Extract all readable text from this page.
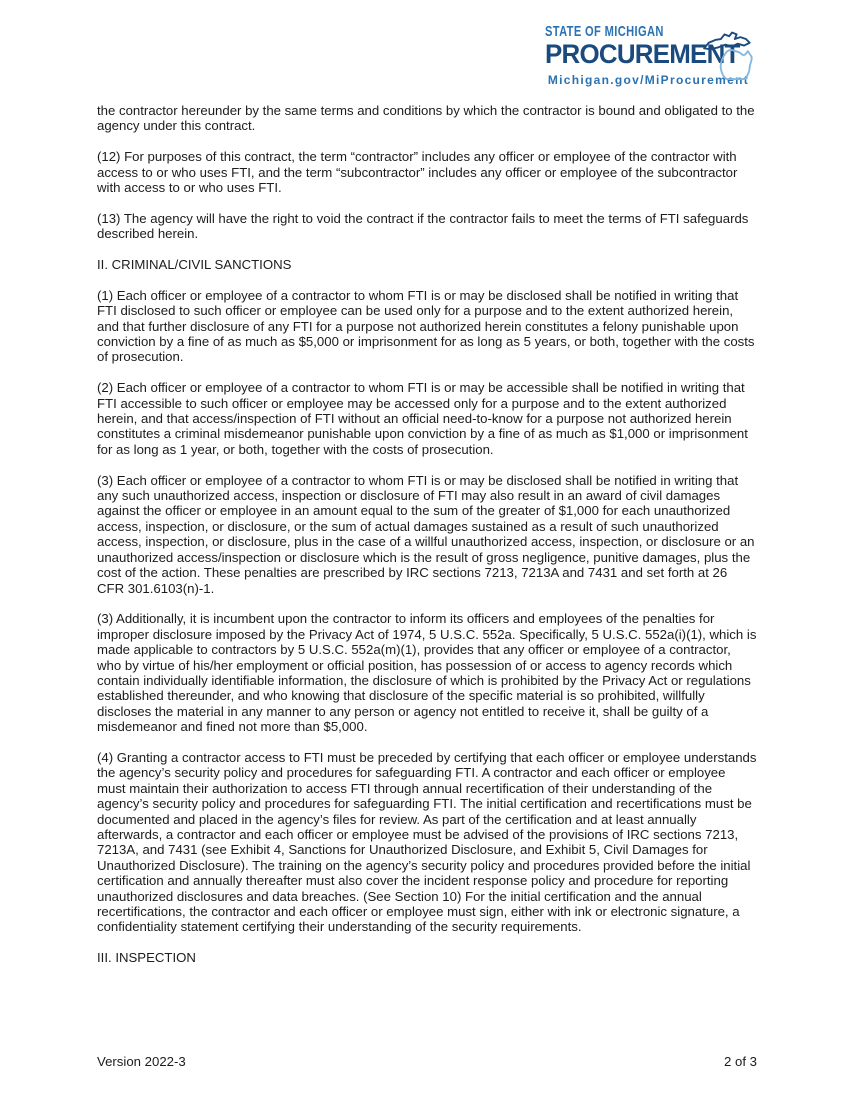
STATE OF MICHIGAN
PROCUREMENT
Michigan.gov/MiProcurement

the contractor hereunder by the same terms and conditions by which the contractor is bound and obligated to the agency under this contract.

(12) For purposes of this contract, the term “contractor” includes any officer or employee of the contractor with access to or who uses FTI, and the term “subcontractor” includes any officer or employee of the subcontractor with access to or who uses FTI.

(13) The agency will have the right to void the contract if the contractor fails to meet the terms of FTI safeguards described herein.

II. CRIMINAL/CIVIL SANCTIONS

(1) Each officer or employee of a contractor to whom FTI is or may be disclosed shall be notified in writing that FTI disclosed to such officer or employee can be used only for a purpose and to the extent authorized herein, and that further disclosure of any FTI for a purpose not authorized herein constitutes a felony punishable upon conviction by a fine of as much as $5,000 or imprisonment for as long as 5 years, or both, together with the costs of prosecution.

(2) Each officer or employee of a contractor to whom FTI is or may be accessible shall be notified in writing that FTI accessible to such officer or employee may be accessed only for a purpose and to the extent authorized herein, and that access/inspection of FTI without an official need-to-know for a purpose not authorized herein constitutes a criminal misdemeanor punishable upon conviction by a fine of as much as $1,000 or imprisonment for as long as 1 year, or both, together with the costs of prosecution.

(3) Each officer or employee of a contractor to whom FTI is or may be disclosed shall be notified in writing that any such unauthorized access, inspection or disclosure of FTI may also result in an award of civil damages against the officer or employee in an amount equal to the sum of the greater of $1,000 for each unauthorized access, inspection, or disclosure, or the sum of actual damages sustained as a result of such unauthorized access, inspection, or disclosure, plus in the case of a willful unauthorized access, inspection, or disclosure or an unauthorized access/inspection or disclosure which is the result of gross negligence, punitive damages, plus the cost of the action. These penalties are prescribed by IRC sections 7213, 7213A and 7431 and set forth at 26 CFR 301.6103(n)-1.

(3) Additionally, it is incumbent upon the contractor to inform its officers and employees of the penalties for improper disclosure imposed by the Privacy Act of 1974, 5 U.S.C. 552a. Specifically, 5 U.S.C. 552a(i)(1), which is made applicable to contractors by 5 U.S.C. 552a(m)(1), provides that any officer or employee of a contractor, who by virtue of his/her employment or official position, has possession of or access to agency records which contain individually identifiable information, the disclosure of which is prohibited by the Privacy Act or regulations established thereunder, and who knowing that disclosure of the specific material is so prohibited, willfully discloses the material in any manner to any person or agency not entitled to receive it, shall be guilty of a misdemeanor and fined not more than $5,000.

(4) Granting a contractor access to FTI must be preceded by certifying that each officer or employee understands the agency’s security policy and procedures for safeguarding FTI. A contractor and each officer or employee must maintain their authorization to access FTI through annual recertification of their understanding of the agency’s security policy and procedures for safeguarding FTI. The initial certification and recertifications must be documented and placed in the agency’s files for review. As part of the certification and at least annually afterwards, a contractor and each officer or employee must be advised of the provisions of IRC sections 7213, 7213A, and 7431 (see Exhibit 4, Sanctions for Unauthorized Disclosure, and Exhibit 5, Civil Damages for Unauthorized Disclosure). The training on the agency’s security policy and procedures provided before the initial certification and annually thereafter must also cover the incident response policy and procedure for reporting unauthorized disclosures and data breaches. (See Section 10) For the initial certification and the annual recertifications, the contractor and each officer or employee must sign, either with ink or electronic signature, a confidentiality statement certifying their understanding of the security requirements.

III. INSPECTION

Version 2022-3	2 of 3
